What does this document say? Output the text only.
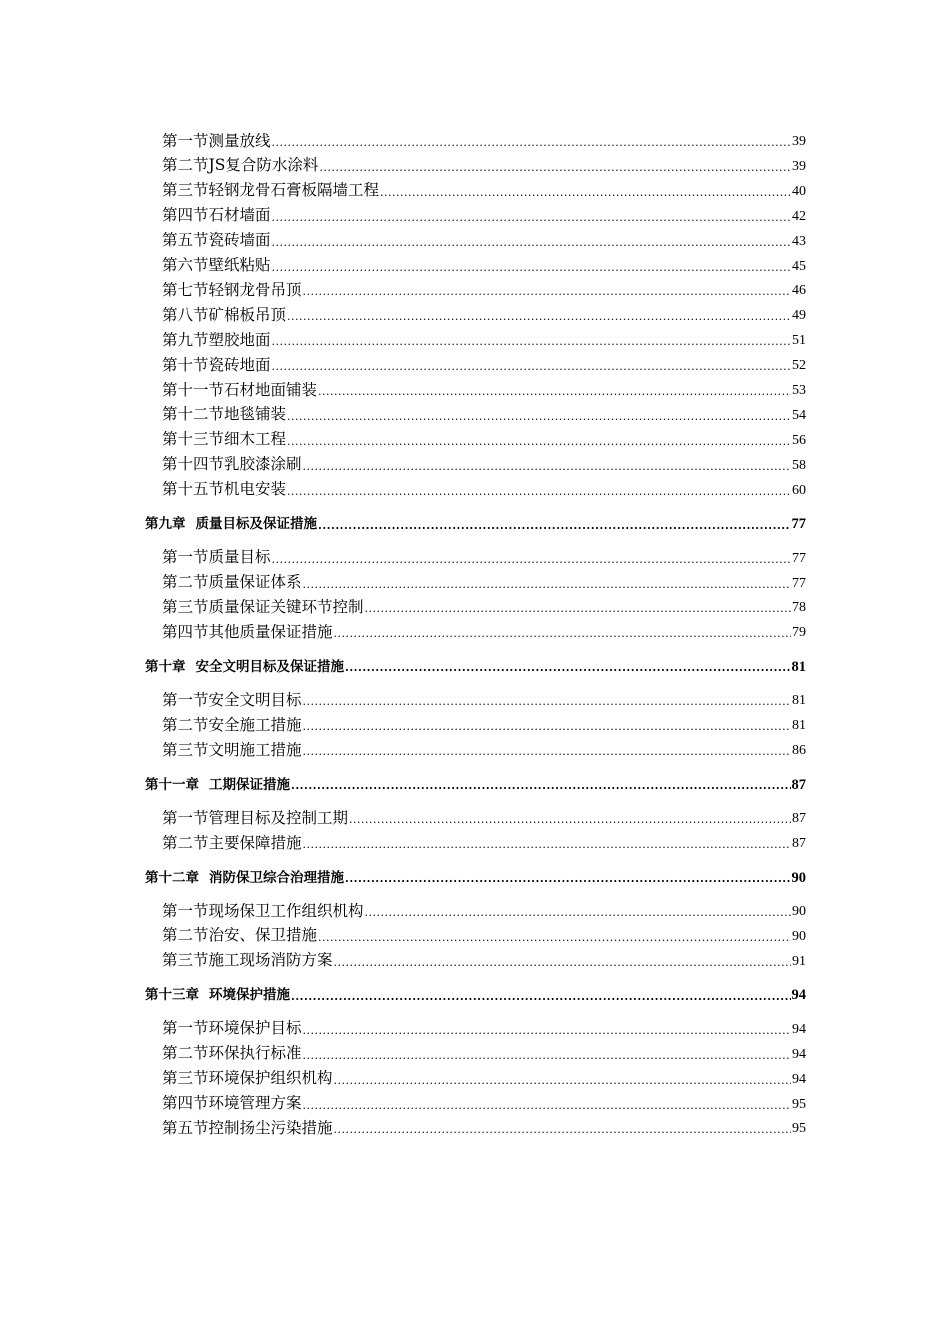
第一节 测量放线 .....	39
第二节 JS复合防水涂料 .....	39
第三节 轻钢龙骨石膏板隔墙工程 .....	40
第四节 石材墙面 .....	42
第五节 瓷砖墙面 .....	43
第六节 壁纸粘贴 .....	45
第七节 轻钢龙骨吊顶 .....	46
第八节 矿棉板吊顶 .....	49
第九节 塑胶地面 .....	51
第十节 瓷砖地面 .....	52
第十一节 石材地面铺装 .....	53
第十二节 地毯铺装 .....	54
第十三节 细木工程 .....	56
第十四节 乳胶漆涂刷 .....	58
第十五节 机电安装 .....	60
第九章 质量目标及保证措施 .....	77
第一节 质量目标 .....	77
第二节 质量保证体系 .....	77
第三节 质量保证关键环节控制 .....	78
第四节 其他质量保证措施 .....	79
第十章 安全文明目标及保证措施 .....	81
第一节 安全文明目标 .....	81
第二节 安全施工措施 .....	81
第三节 文明施工措施 .....	86
第十一章 工期保证措施 .....	87
第一节 管理目标及控制工期 .....	87
第二节 主要保障措施 .....	87
第十二章 消防保卫综合治理措施 .....	90
第一节 现场保卫工作组织机构 .....	90
第二节 治安、保卫措施 .....	90
第三节 施工现场消防方案 .....	91
第十三章 环境保护措施 .....	94
第一节 环境保护目标 .....	94
第二节 环保执行标准 .....	94
第三节 环境保护组织机构 .....	94
第四节 环境管理方案 .....	95
第五节 控制扬尘污染措施 .....	95
